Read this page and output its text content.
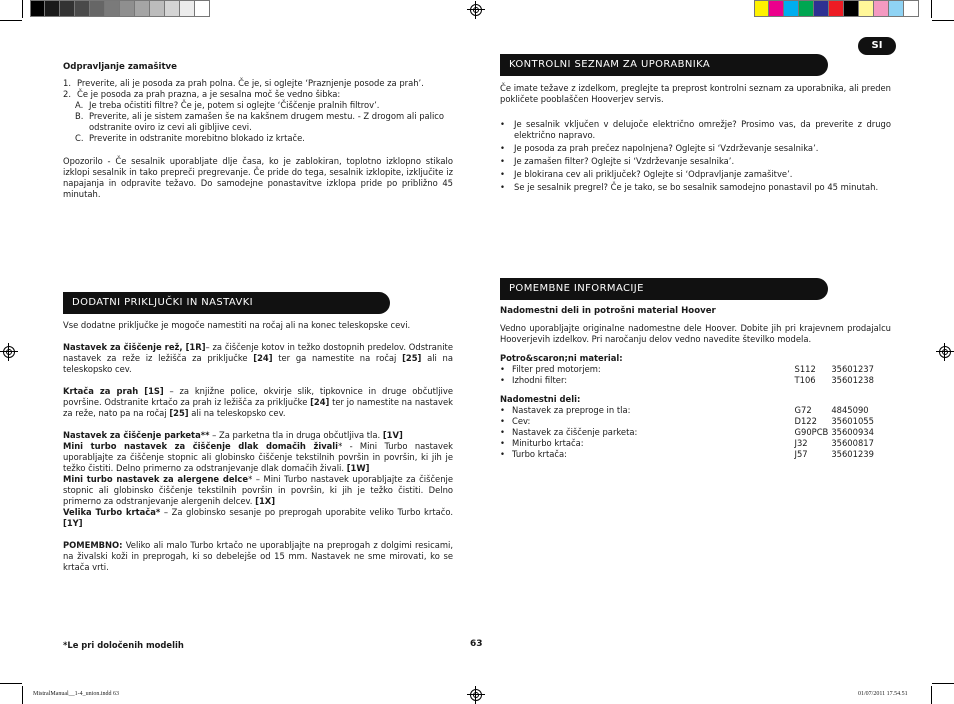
SI
Odpravljanje zamašitve
1. Preverite, ali je posoda za prah polna. Če je, si oglejte ‘Praznjenje posode za prah’.
2. Če je posoda za prah prazna, a je sesalna moč še vedno šibka:
A. Je treba očistiti filtre? Če je, potem si oglejte ‘Čiščenje pralnih filtrov’.
B. Preverite, ali je sistem zamašen še na kakšnem drugem mestu. - Z drogom ali palico odstranite oviro iz cevi ali gibljive cevi.
C. Preverite in odstranite morebitno blokado iz krtače.
Opozorilo - Če sesalnik uporabljate dlje časa, ko je zablokiran, toplotno izklopno stikalo izklopi sesalnik in tako prepreči pregrevanje. Če pride do tega, sesalnik izklopite, izključite iz napajanja in odpravite težavo. Do samodejne ponastavitve izklopa pride po približno 45 minutah.
DODATNI PRIKLJUČKI IN NASTAVKI

Vse dodatne priključke je mogoče namestiti na ročaj ali na konec teleskopske cevi.

Nastavek za čiščenje rež, [1R]– za čiščenje kotov in težko dostopnih predelov. Odstranite nastavek za reže iz ležišča za priključke [24] ter ga namestite na ročaj [25] ali na teleskopsko cev.

Krtača za prah [1S] – za knjižne police, okvirje slik, tipkovnice in druge občutljive površine. Odstranite krtačo za prah iz ležišča za priključke [24] ter jo namestite na nastavek za reže, nato pa na ročaj [25] ali na teleskopsko cev.

Nastavek za čiščenje parketa** – Za parketna tla in druga občutljiva tla. [1V]

Mini turbo nastavek za čiščenje dlak domačih živali* - Mini Turbo nastavek uporabljajte za čiščenje stopnic ali globinsko čiščenje tekstilnih površin in površin, ki jih je težko čistiti. Delno primerno za odstranjevanje dlak domačih živali. [1W]

Mini turbo nastavek za alergene delce* – Mini Turbo nastavek uporabljajte za čiščenje stopnic ali globinsko čiščenje tekstilnih površin in površin, ki jih je težko čistiti. Delno primerno za odstranjevanje alergenih delcev. [1X]

Velika Turbo krtača* – Za globinsko sesanje po preprogah uporabite veliko Turbo krtačo. [1Y]

POMEMBNO: Veliko ali malo Turbo krtačo ne uporabljajte na preprogah z dolgimi resicami, na živalski koži in preprogah, ki so debelejše od 15 mm. Nastavek ne sme mirovati, ko se krtača vrti.

*Le pri določenih modelih	63
KONTROLNI SEZNAM ZA UPORABNIKA

Če imate težave z izdelkom, preglejte ta preprost kontrolni seznam za uporabnika, ali preden pokličete pooblaščen Hooverjev servis.

•	Je sesalnik vključen v delujoče električno omrežje? Prosimo vas, da preverite z drugo električno napravo.
•	Je posoda za prah prečez napolnjena? Oglejte si ‘Vzdrževanje sesalnika’.
•	Je zamašen filter? Oglejte si ‘Vzdrževanje sesalnika’.
•	Je blokirana cev ali priključek? Oglejte si ‘Odpravljanje zamašitve’.
•	Se je sesalnik pregrel? Če je tako, se bo sesalnik samodejno ponastavil po 45 minutah.
POMEMBNE INFORMACIJE
Nadomestni deli in potrošni material Hoover

Vedno uporabljajte originalne nadomestne dele Hoover. Dobite jih pri krajevnem prodajalcu Hooverjevih izdelkov. Pri naročanju delov vedno navedite številko modela.

Potro&scaron;ni material:
• Filter pred motorjem:	S112	35601237
• Izhodni filter:	T106	35601238
Nadomestni deli:
• Nastavek za preproge in tla:	G72	4845090
• Cev:	D122	35601055
• Nastavek za čiščenje parketa:	G90PCB 35600934
• Miniturbo krtača:	J32	35600817
• Turbo krtača:	J57	35601239
MistralManual__1-4_union.indd 63	01/07/2011 17.54.51
